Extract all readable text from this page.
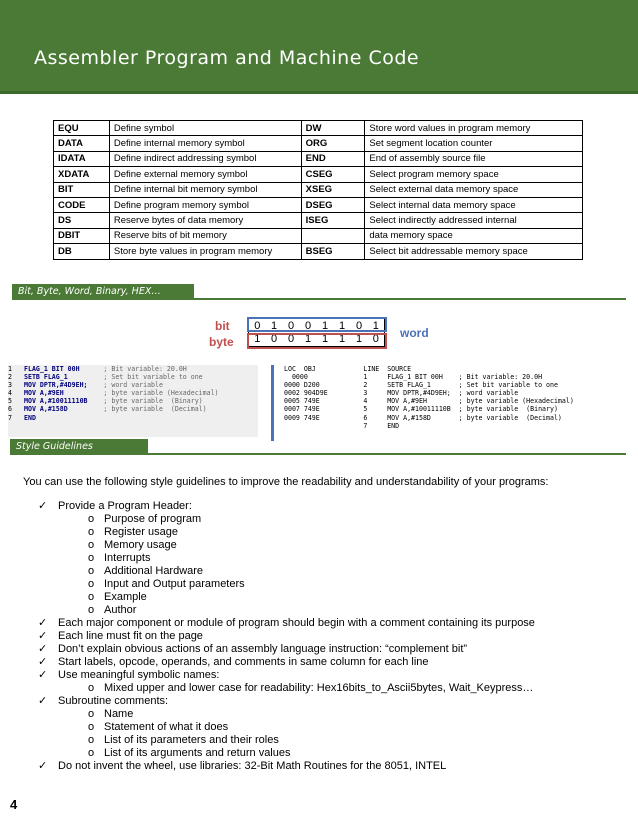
Assembler Program and Machine Code
EQU	Define symbol	DW	Store word values in program memory
DATA	Define internal memory symbol	ORG	Set segment location counter
IDATA	Define indirect addressing symbol	END	End of assembly source file
XDATA	Define external memory symbol	CSEG	Select program memory space
BIT	Define internal bit memory symbol	XSEG	Select external data memory space
CODE	Define program memory symbol	DSEG	Select internal data memory space
DS	Reserve bytes of data memory	ISEG	Select indirectly addressed internal
DBIT	Reserve bits of bit memory		data memory space
DB	Store byte values in program memory	BSEG	Select bit addressable memory space
Bit, Byte, Word, Binary, HEX…
bit
byte
word
0	1	0	0	1	1	0	1
1	0	0	1	1	1	1	0
1 FLAG_1 BIT 00H      ; Bit variable: 20.0H
2 SETB FLAG_1         ; Set bit variable to one
3 MOV DPTR,#4D9EH;    ; word variable
4 MOV A,#9EH          ; byte variable (Hexadecimal)
5 MOV A,#10011110B    ; byte variable  (Binary)
6 MOV A,#158D         ; byte variable  (Decimal)
7 END
LOC  OBJ            LINE  SOURCE
0000              1     FLAG_1 BIT 00H    ; Bit variable: 20.0H
0000 D200           2     SETB FLAG_1       ; Set bit variable to one
0002 904D9E         3     MOV DPTR,#4D9EH;  ; word variable
0005 749E           4     MOV A,#9EH        ; byte variable (Hexadecimal)
0007 749E           5     MOV A,#10011110B  ; byte variable  (Binary)
0009 749E           6     MOV A,#158D       ; byte variable  (Decimal)
7     END
Style Guidelines
You can use the following style guidelines to improve the readability and understandability of your programs:
✓ Provide a Program Header:
o Purpose of program
o Register usage
o Memory usage
o Interrupts
o Additional Hardware
o Input and Output parameters
o Example
o Author
✓ Each major component or module of program should begin with a comment containing its purpose
✓ Each line must fit on the page
✓ Don’t explain obvious actions of an assembly language instruction: “complement bit”
✓ Start labels, opcode, operands, and comments in same column for each line
✓ Use meaningful symbolic names:
o Mixed upper and lower case for readability: Hex16bits_to_Ascii5bytes, Wait_Keypress…
✓ Subroutine comments:
o Name
o Statement of what it does
o List of its parameters and their roles
o List of its arguments and return values
✓ Do not invent the wheel, use libraries: 32-Bit Math Routines for the 8051, INTEL
4
